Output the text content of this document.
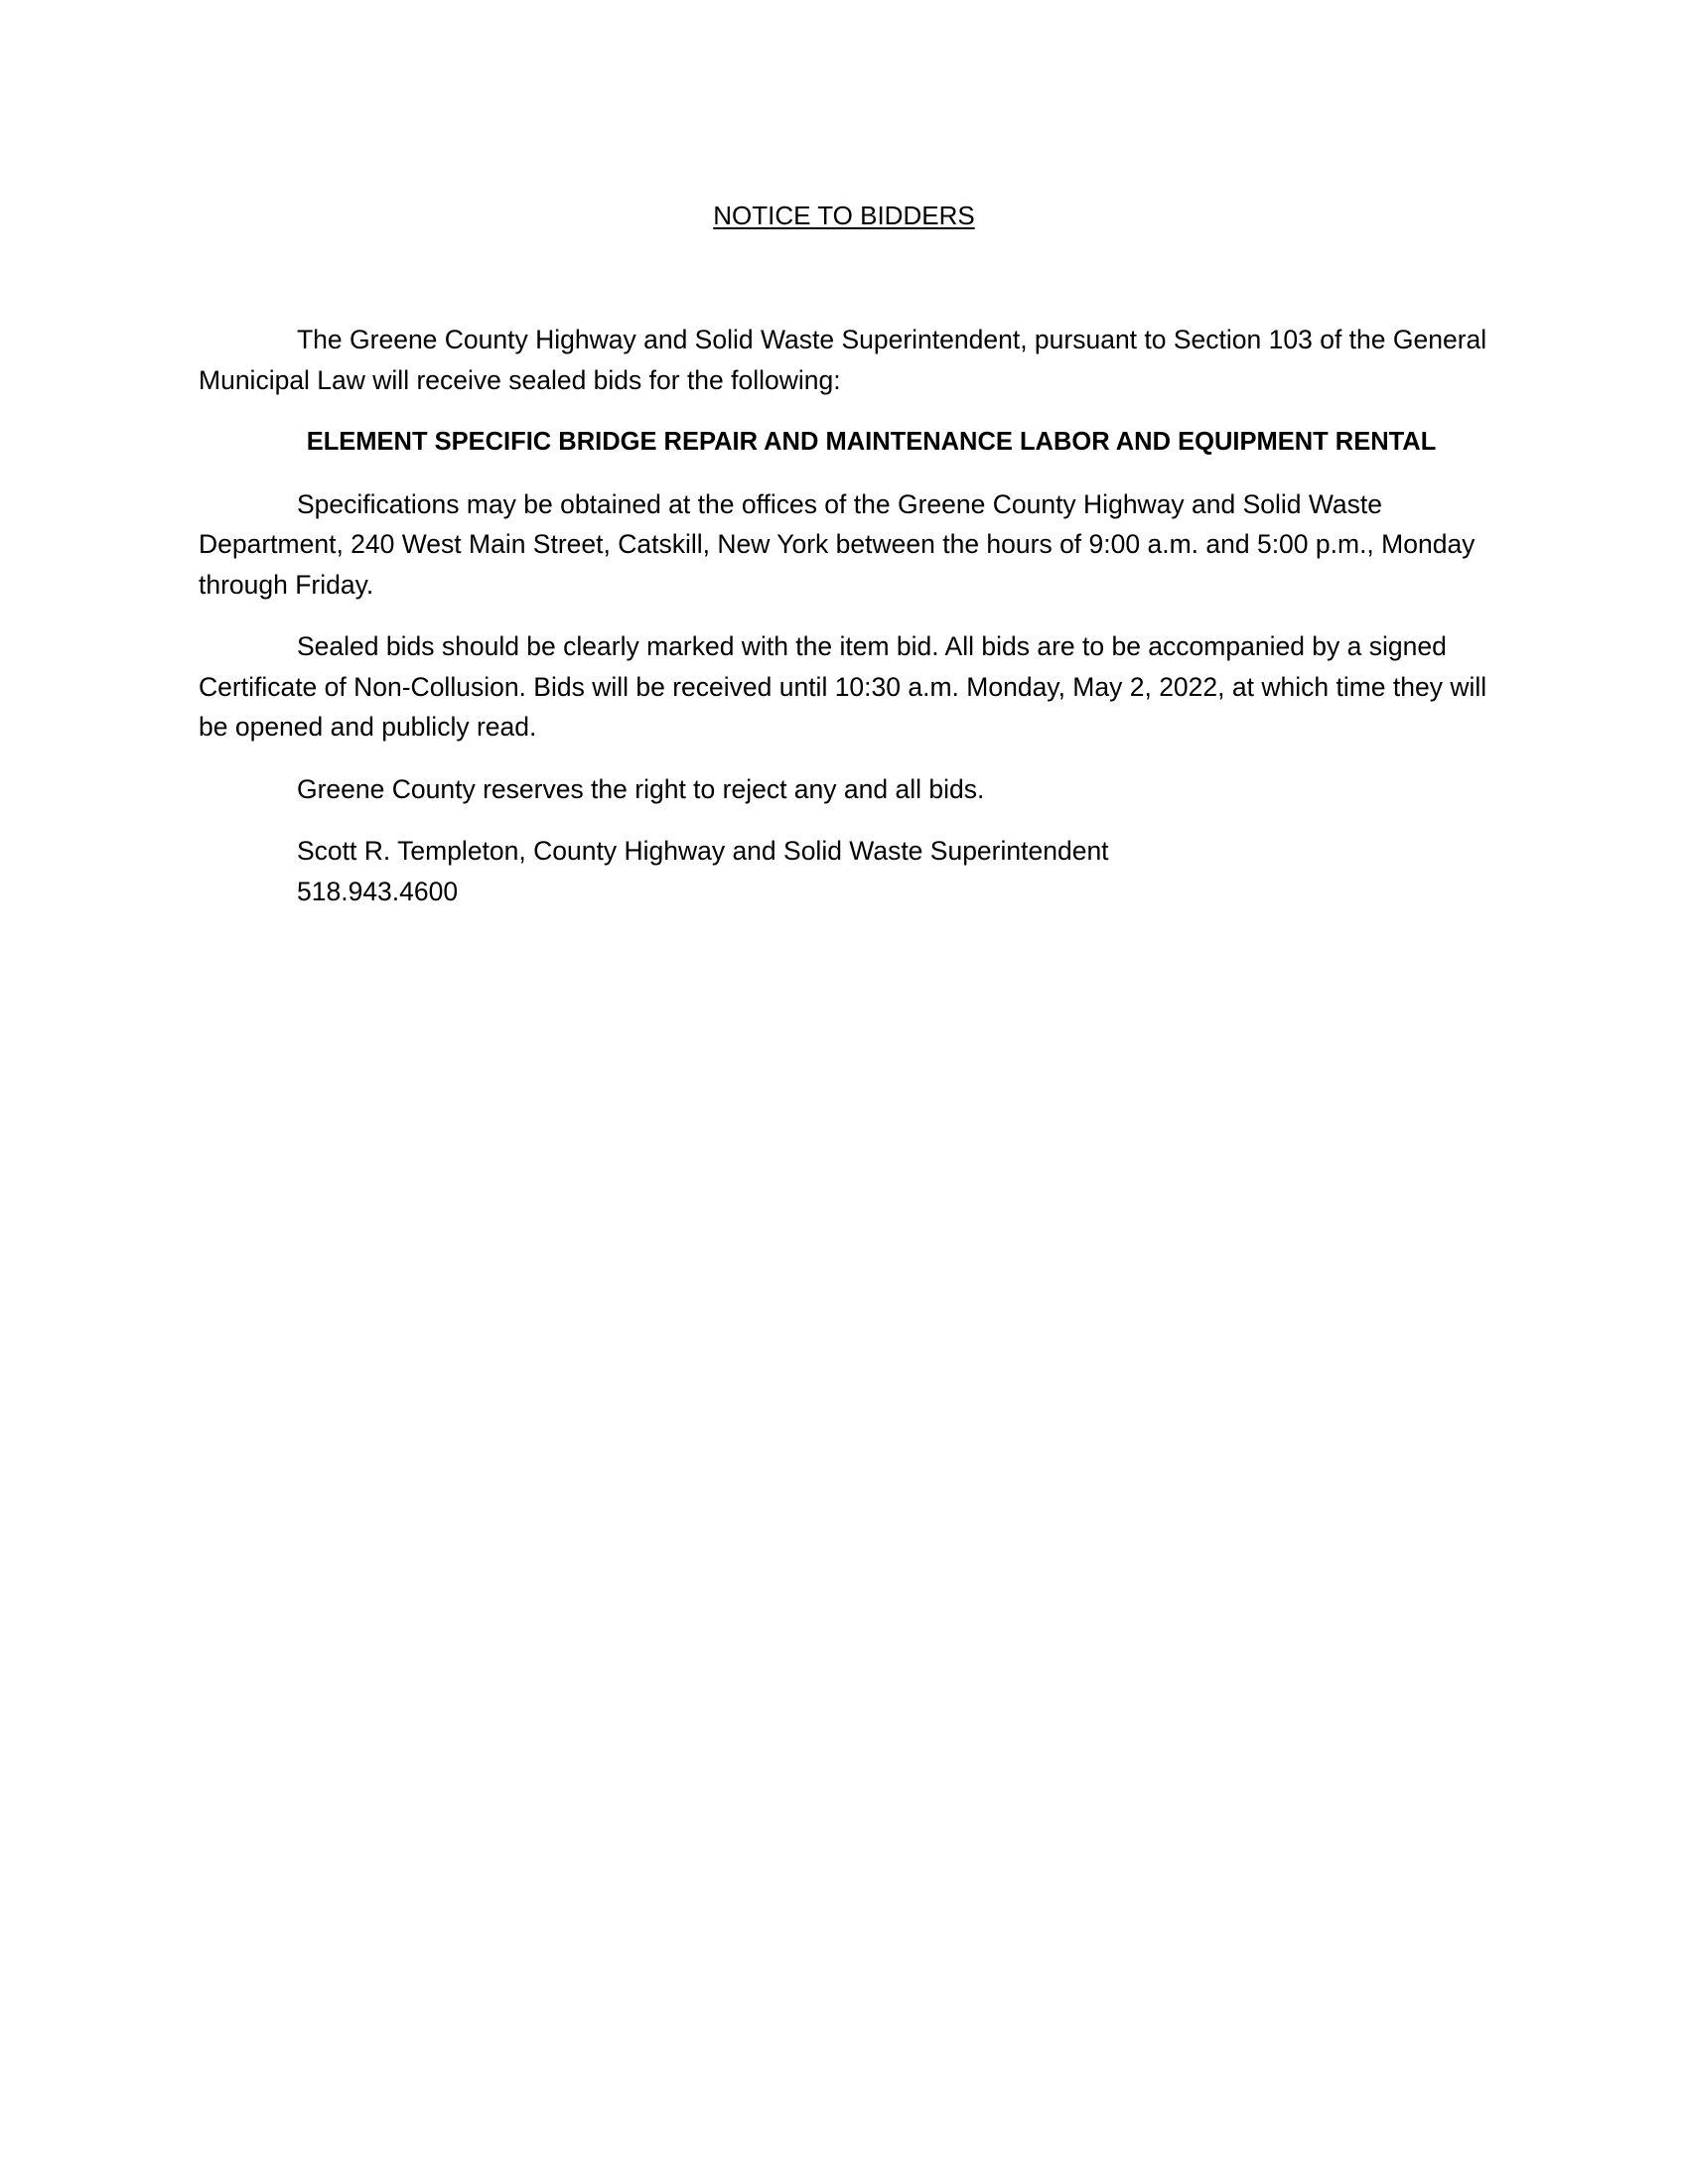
NOTICE TO BIDDERS

The Greene County Highway and Solid Waste Superintendent, pursuant to Section 103 of the General Municipal Law will receive sealed bids for the following:

ELEMENT SPECIFIC BRIDGE REPAIR AND MAINTENANCE LABOR AND EQUIPMENT RENTAL

Specifications may be obtained at the offices of the Greene County Highway and Solid Waste Department, 240 West Main Street, Catskill, New York between the hours of 9:00 a.m. and 5:00 p.m., Monday through Friday.

Sealed bids should be clearly marked with the item bid. All bids are to be accompanied by a signed Certificate of Non-Collusion. Bids will be received until 10:30 a.m. Monday, May 2, 2022, at which time they will be opened and publicly read.

Greene County reserves the right to reject any and all bids.

Scott R. Templeton, County Highway and Solid Waste Superintendent

518.943.4600
